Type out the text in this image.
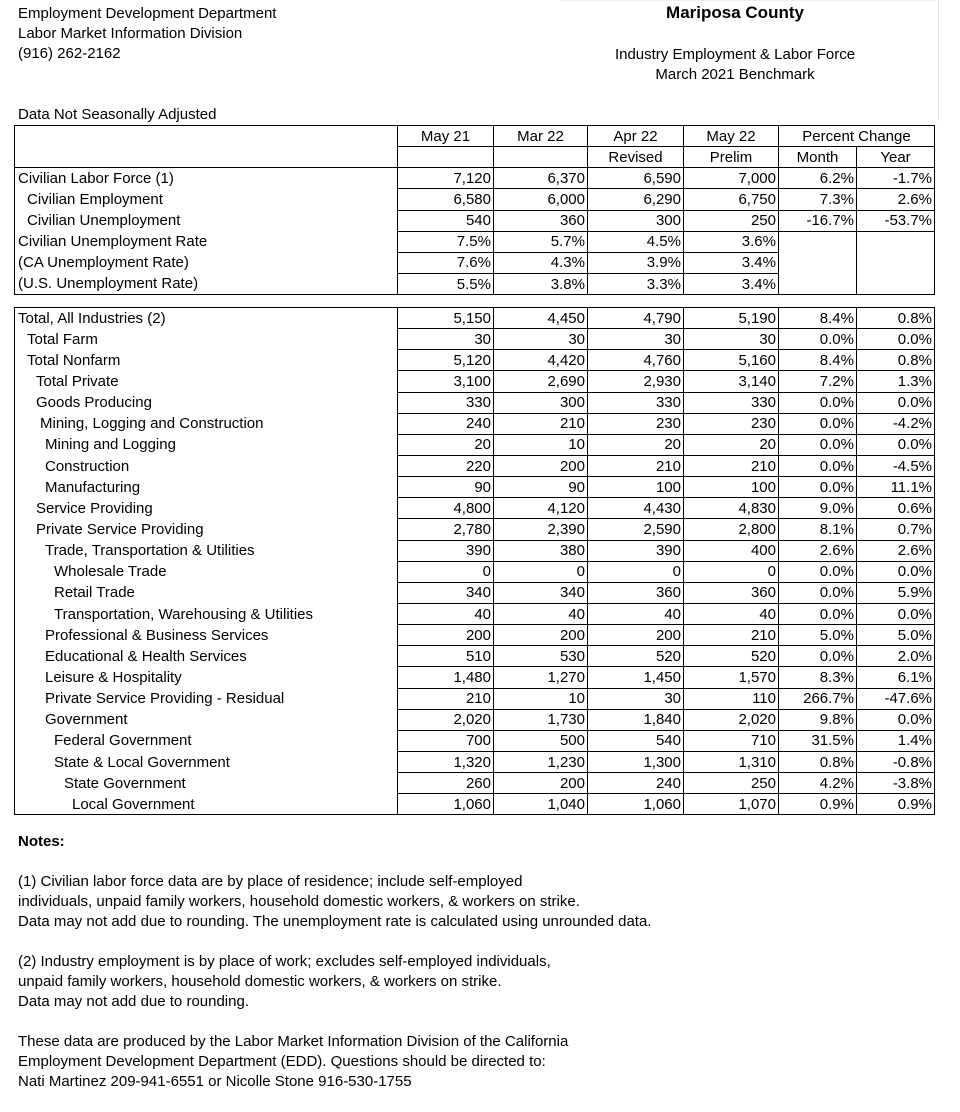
Employment Development Department
Labor Market Information Division
(916) 262-2162
Mariposa County
Industry Employment & Labor Force
March 2021 Benchmark
Data Not Seasonally Adjusted
	May 21	Mar 22	Apr 22	May 22	Percent Change	
			Revised	Prelim	Month	Year
Civilian Labor Force (1)	7,120	6,370	6,590	7,000	6.2%	-1.7%
Civilian Employment	6,580	6,000	6,290	6,750	7.3%	2.6%
Civilian Unemployment	540	360	300	250	-16.7%	-53.7%
Civilian Unemployment Rate	7.5%	5.7%	4.5%	3.6%		
(CA Unemployment Rate)	7.6%	4.3%	3.9%	3.4%		
(U.S. Unemployment Rate)	5.5%	3.8%	3.3%	3.4%		
Total, All Industries (2)	5,150	4,450	4,790	5,190	8.4%	0.8%
Total Farm	30	30	30	30	0.0%	0.0%
Total Nonfarm	5,120	4,420	4,760	5,160	8.4%	0.8%
Total Private	3,100	2,690	2,930	3,140	7.2%	1.3%
Goods Producing	330	300	330	330	0.0%	0.0%
Mining, Logging and Construction	240	210	230	230	0.0%	-4.2%
Mining and Logging	20	10	20	20	0.0%	0.0%
Construction	220	200	210	210	0.0%	-4.5%
Manufacturing	90	90	100	100	0.0%	11.1%
Service Providing	4,800	4,120	4,430	4,830	9.0%	0.6%
Private Service Providing	2,780	2,390	2,590	2,800	8.1%	0.7%
Trade, Transportation & Utilities	390	380	390	400	2.6%	2.6%
Wholesale Trade	0	0	0	0	0.0%	0.0%
Retail Trade	340	340	360	360	0.0%	5.9%
Transportation, Warehousing & Utilities	40	40	40	40	0.0%	0.0%
Professional & Business Services	200	200	200	210	5.0%	5.0%
Educational & Health Services	510	530	520	520	0.0%	2.0%
Leisure & Hospitality	1,480	1,270	1,450	1,570	8.3%	6.1%
Private Service Providing - Residual	210	10	30	110	266.7%	-47.6%
Government	2,020	1,730	1,840	2,020	9.8%	0.0%
Federal Government	700	500	540	710	31.5%	1.4%
State & Local Government	1,320	1,230	1,300	1,310	0.8%	-0.8%
State Government	260	200	240	250	4.2%	-3.8%
Local Government	1,060	1,040	1,060	1,070	0.9%	0.9%
Notes:

(1) Civilian labor force data are by place of residence; include self-employed
individuals, unpaid family workers, household domestic workers, & workers on strike.
Data may not add due to rounding. The unemployment rate is calculated using unrounded data.

(2) Industry employment is by place of work; excludes self-employed individuals,
unpaid family workers, household domestic workers, & workers on strike.
Data may not add due to rounding.

These data are produced by the Labor Market Information Division of the California
Employment Development Department (EDD). Questions should be directed to:
Nati Martinez 209-941-6551 or Nicollе Stone 916-530-1755
